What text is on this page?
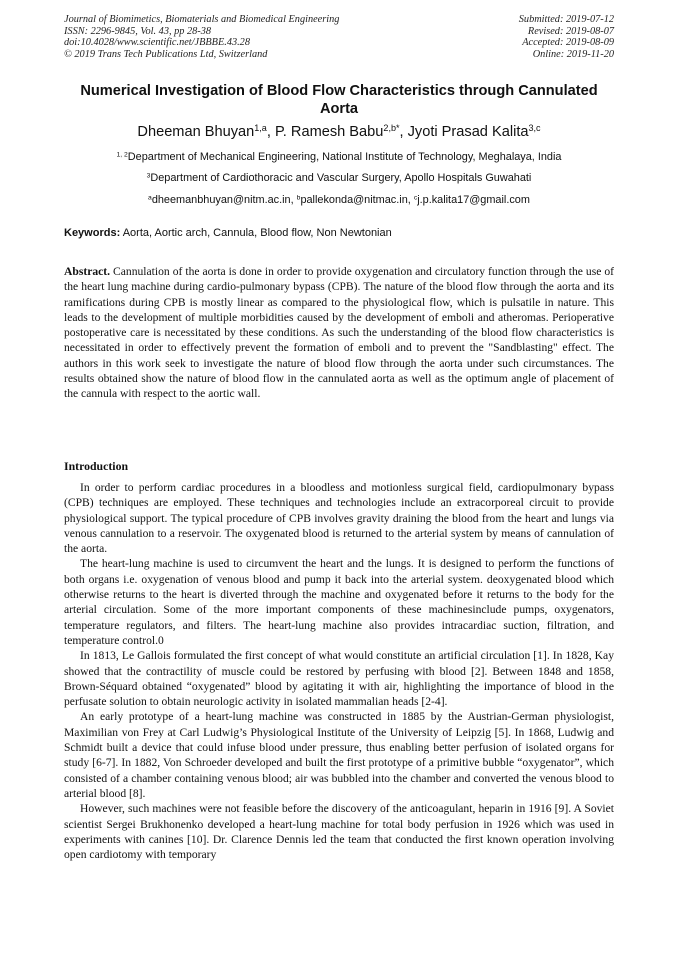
Journal of Biomimetics, Biomaterials and Biomedical Engineering
ISSN: 2296-9845, Vol. 43, pp 28-38
doi:10.4028/www.scientific.net/JBBBE.43.28
© 2019 Trans Tech Publications Ltd, Switzerland
Submitted: 2019-07-12
Revised: 2019-08-07
Accepted: 2019-08-09
Online: 2019-11-20
Numerical Investigation of Blood Flow Characteristics through Cannulated Aorta
Dheeman Bhuyan$^{1,a}$, P. Ramesh Babu$^{2,b*}$, Jyoti Prasad Kalita$^{3,c}$
$^{1, 2}$Department of Mechanical Engineering, National Institute of Technology, Meghalaya, India
$^3$Department of Cardiothoracic and Vascular Surgery, Apollo Hospitals Guwahati
$^a$dheemanbhuyan@nitm.ac.in, $^b$pallekonda@nitmac.in, $^c$j.p.kalita17@gmail.com
Keywords: Aorta, Aortic arch, Cannula, Blood flow, Non Newtonian

Abstract. Cannulation of the aorta is done in order to provide oxygenation and circulatory function through the use of the heart lung machine during cardio-pulmonary bypass (CPB). The nature of the blood flow through the aorta and its ramifications during CPB is mostly linear as compared to the physiological flow, which is pulsatile in nature. This leads to the development of multiple morbidities caused by the development of emboli and atheromas. Perioperative postoperative care is necessitated by these conditions. As such the understanding of the blood flow characteristics is necessitated in order to effectively prevent the formation of emboli and to prevent the "Sandblasting" effect. The authors in this work seek to investigate the nature of blood flow through the aorta under such circumstances. The results obtained show the nature of blood flow in the cannulated aorta as well as the optimum angle of placement of the cannula with respect to the aortic wall.

Introduction

In order to perform cardiac procedures in a bloodless and motionless surgical field, cardiopulmonary bypass (CPB) techniques are employed. These techniques and technologies include an extracorporeal circuit to provide physiological support. The typical procedure of CPB involves gravity draining the blood from the heart and lungs via venous cannulation to a reservoir. The oxygenated blood is returned to the arterial system by means of cannulation of the aorta.

The heart-lung machine is used to circumvent the heart and the lungs. It is designed to perform the functions of both organs i.e. oxygenation of venous blood and pump it back into the arterial system. deoxygenated blood which otherwise returns to the heart is diverted through the machine and oxygenated before it returns to the body for the arterial circulation. Some of the more important components of these machinesinclude pumps, oxygenators, temperature regulators, and filters. The heart-lung machine also provides intracardiac suction, filtration, and temperature control.0

In 1813, Le Gallois formulated the first concept of what would constitute an artificial circulation [1]. In 1828, Kay showed that the contractility of muscle could be restored by perfusing with blood [2]. Between 1848 and 1858, Brown-Séquard obtained “oxygenated” blood by agitating it with air, highlighting the importance of blood in the perfusate solution to obtain neurologic activity in isolated mammalian heads [2-4].

An early prototype of a heart-lung machine was constructed in 1885 by the Austrian-German physiologist, Maximilian von Frey at Carl Ludwig’s Physiological Institute of the University of Leipzig [5]. In 1868, Ludwig and Schmidt built a device that could infuse blood under pressure, thus enabling better perfusion of isolated organs for study [6-7]. In 1882, Von Schroeder developed and built the first prototype of a primitive bubble “oxygenator”, which consisted of a chamber containing venous blood; air was bubbled into the chamber and converted the venous blood to arterial blood [8].

However, such machines were not feasible before the discovery of the anticoagulant, heparin in 1916 [9]. A Soviet scientist Sergei Brukhonenko developed a heart-lung machine for total body perfusion in 1926 which was used in experiments with canines [10]. Dr. Clarence Dennis led the team that conducted the first known operation involving open cardiotomy with temporary
